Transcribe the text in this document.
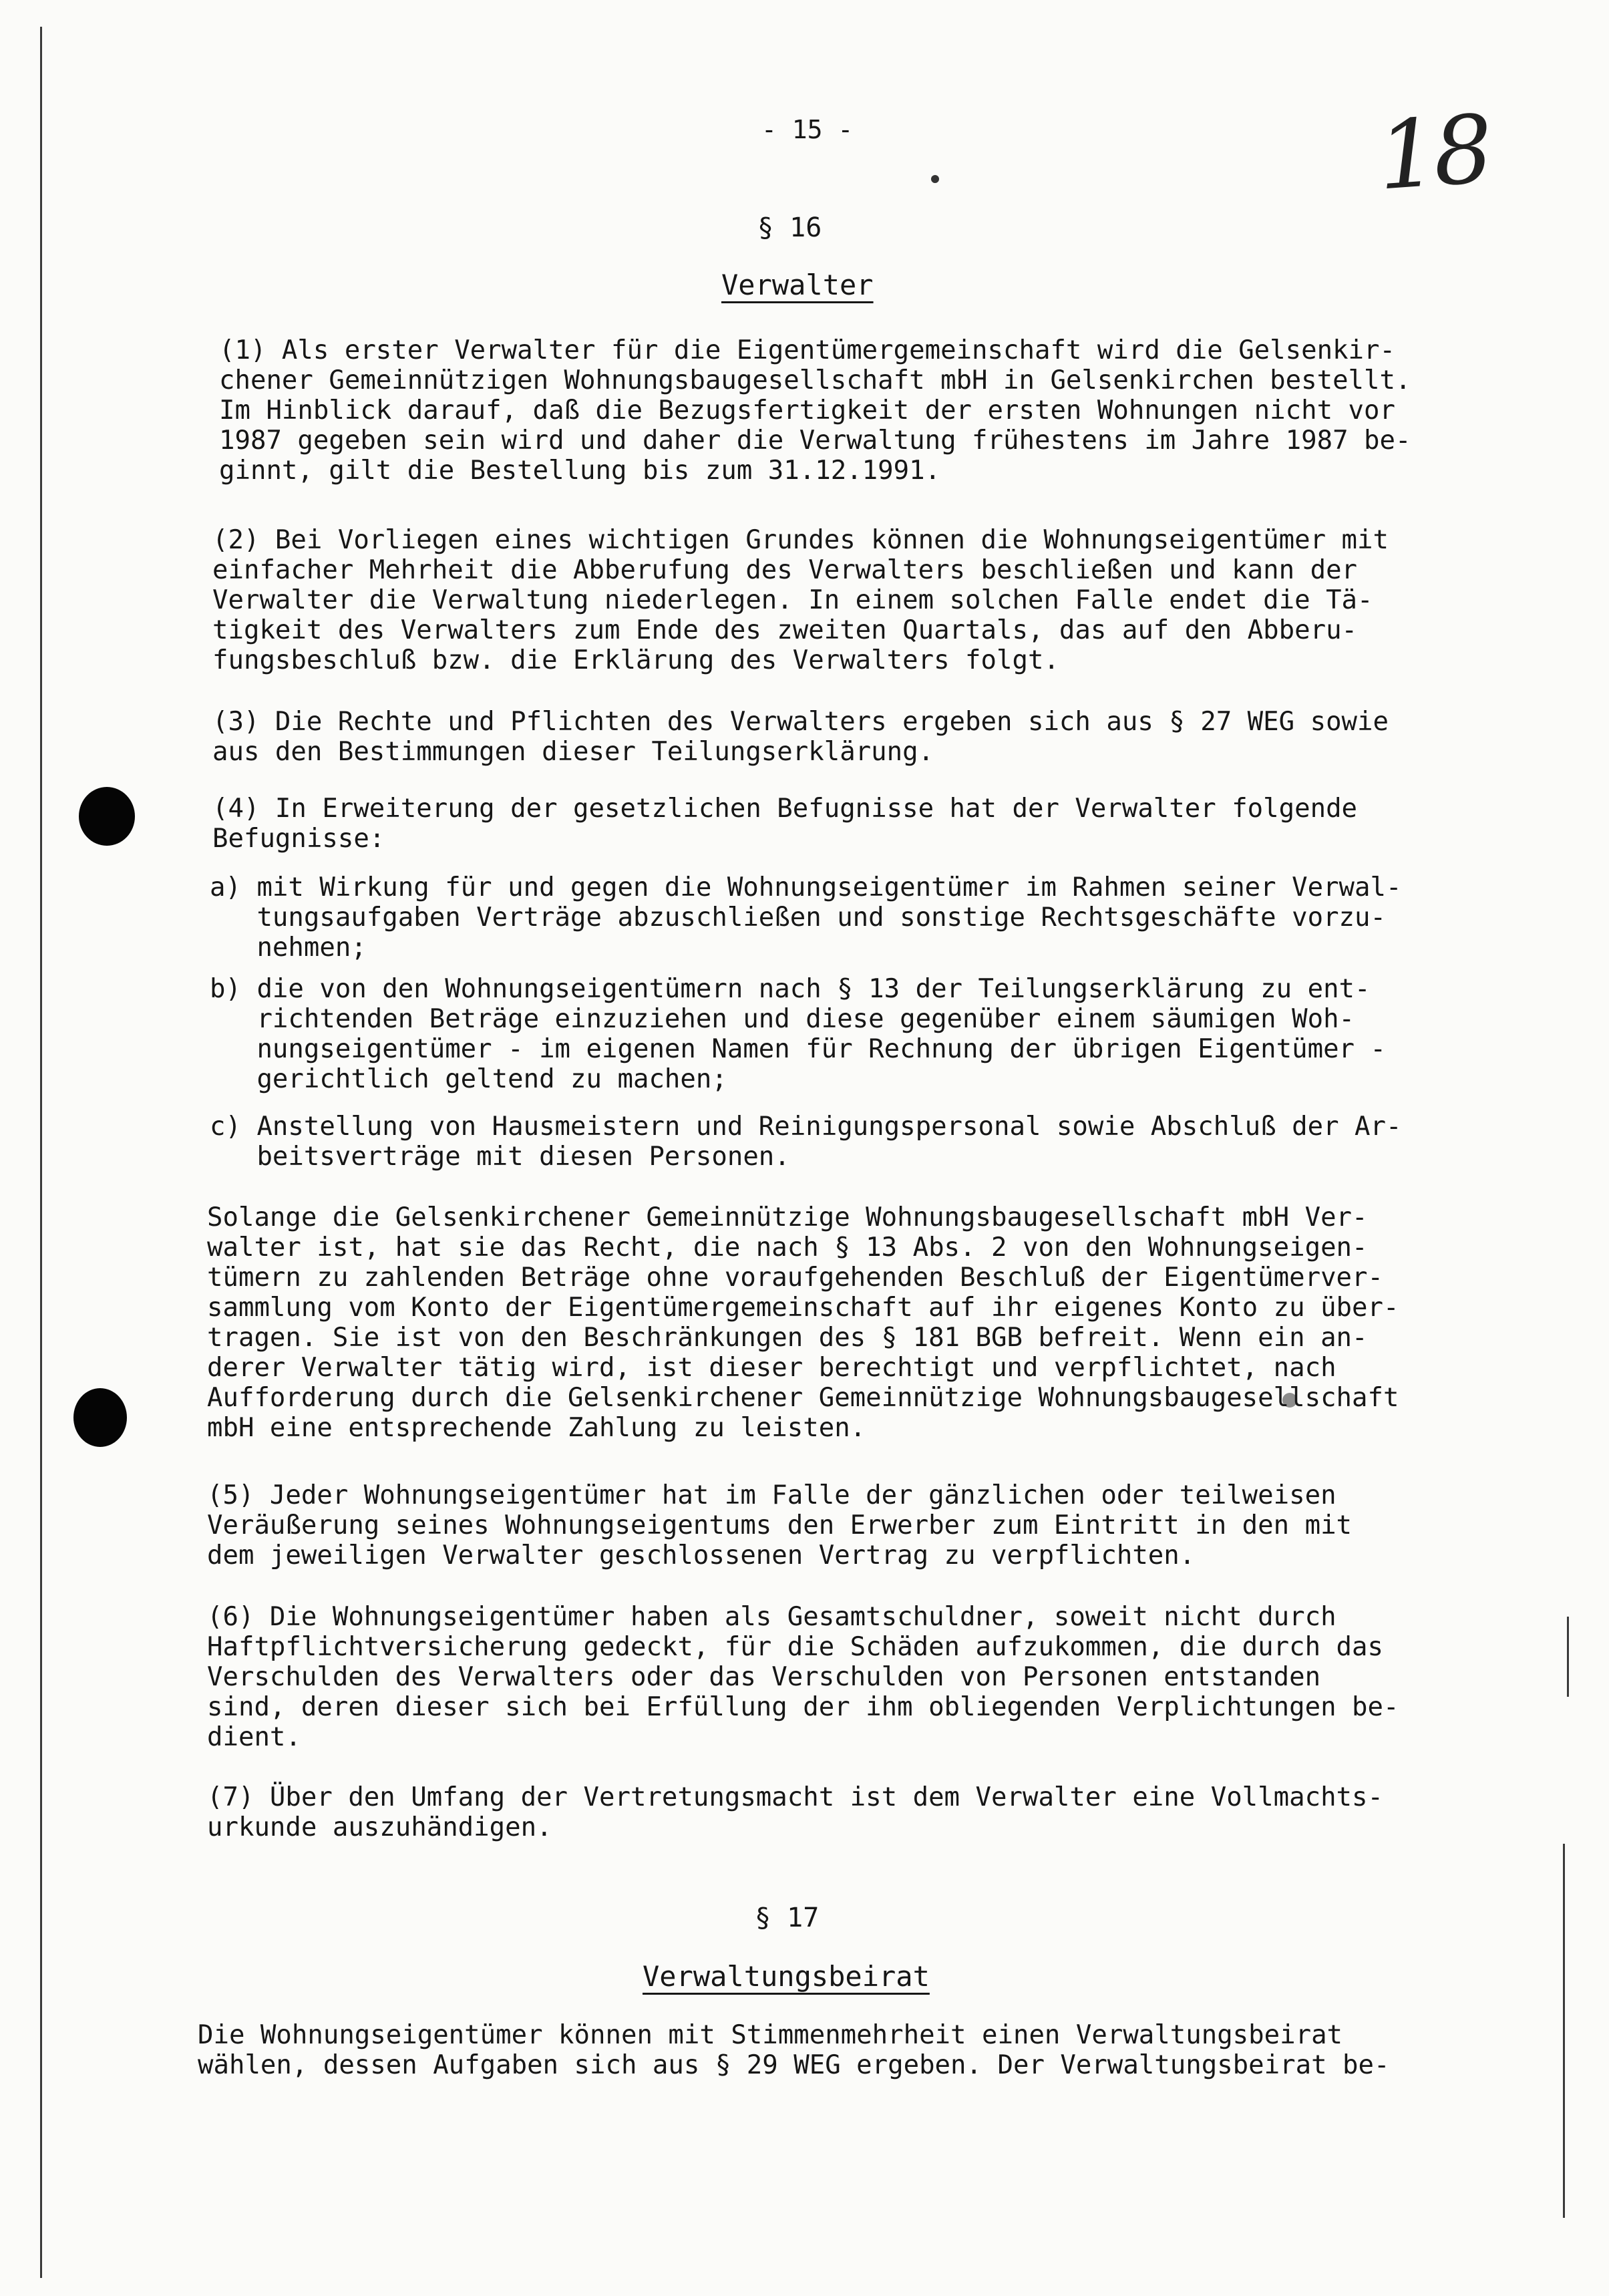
- 15 -	18
§ 16
Verwalter
(1) Als erster Verwalter für die Eigentümergemeinschaft wird die Gelsenkir-
chener Gemeinnützigen Wohnungsbaugesellschaft mbH in Gelsenkirchen bestellt.
Im Hinblick darauf, daß die Bezugsfertigkeit der ersten Wohnungen nicht vor
1987 gegeben sein wird und daher die Verwaltung frühestens im Jahre 1987 be-
ginnt, gilt die Bestellung bis zum 31.12.1991.
(2) Bei Vorliegen eines wichtigen Grundes können die Wohnungseigentümer mit
einfacher Mehrheit die Abberufung des Verwalters beschließen und kann der
Verwalter die Verwaltung niederlegen. In einem solchen Falle endet die Tä-
tigkeit des Verwalters zum Ende des zweiten Quartals, das auf den Abberu-
fungsbeschluß bzw. die Erklärung des Verwalters folgt.
(3) Die Rechte und Pflichten des Verwalters ergeben sich aus § 27 WEG sowie
aus den Bestimmungen dieser Teilungserklärung.
(4) In Erweiterung der gesetzlichen Befugnisse hat der Verwalter folgende
Befugnisse:
a) mit Wirkung für und gegen die Wohnungseigentümer im Rahmen seiner Verwal-
tungsaufgaben Verträge abzuschließen und sonstige Rechtsgeschäfte vorzu-
nehmen;
b) die von den Wohnungseigentümern nach § 13 der Teilungserklärung zu ent-
richtenden Beträge einzuziehen und diese gegenüber einem säumigen Woh-
nungseigentümer - im eigenen Namen für Rechnung der übrigen Eigentümer -
gerichtlich geltend zu machen;
c) Anstellung von Hausmeistern und Reinigungspersonal sowie Abschluß der Ar-
beitsverträge mit diesen Personen.
Solange die Gelsenkirchener Gemeinnützige Wohnungsbaugesellschaft mbH Ver-
walter ist, hat sie das Recht, die nach § 13 Abs. 2 von den Wohnungseigen-
tümern zu zahlenden Beträge ohne voraufgehenden Beschluß der Eigentümerver-
sammlung vom Konto der Eigentümergemeinschaft auf ihr eigenes Konto zu über-
tragen. Sie ist von den Beschränkungen des § 181 BGB befreit. Wenn ein an-
derer Verwalter tätig wird, ist dieser berechtigt und verpflichtet, nach
Aufforderung durch die Gelsenkirchener Gemeinnützige Wohnungsbaugesellschaft
mbH eine entsprechende Zahlung zu leisten.
(5) Jeder Wohnungseigentümer hat im Falle der gänzlichen oder teilweisen
Veräußerung seines Wohnungseigentums den Erwerber zum Eintritt in den mit
dem jeweiligen Verwalter geschlossenen Vertrag zu verpflichten.
(6) Die Wohnungseigentümer haben als Gesamtschuldner, soweit nicht durch
Haftpflichtversicherung gedeckt, für die Schäden aufzukommen, die durch das
Verschulden des Verwalters oder das Verschulden von Personen entstanden
sind, deren dieser sich bei Erfüllung der ihm obliegenden Verplichtungen be-
dient.
(7) Über den Umfang der Vertretungsmacht ist dem Verwalter eine Vollmachts-
urkunde auszuhändigen.
§ 17
Verwaltungsbeirat
Die Wohnungseigentümer können mit Stimmenmehrheit einen Verwaltungsbeirat
wählen, dessen Aufgaben sich aus § 29 WEG ergeben. Der Verwaltungsbeirat be-
